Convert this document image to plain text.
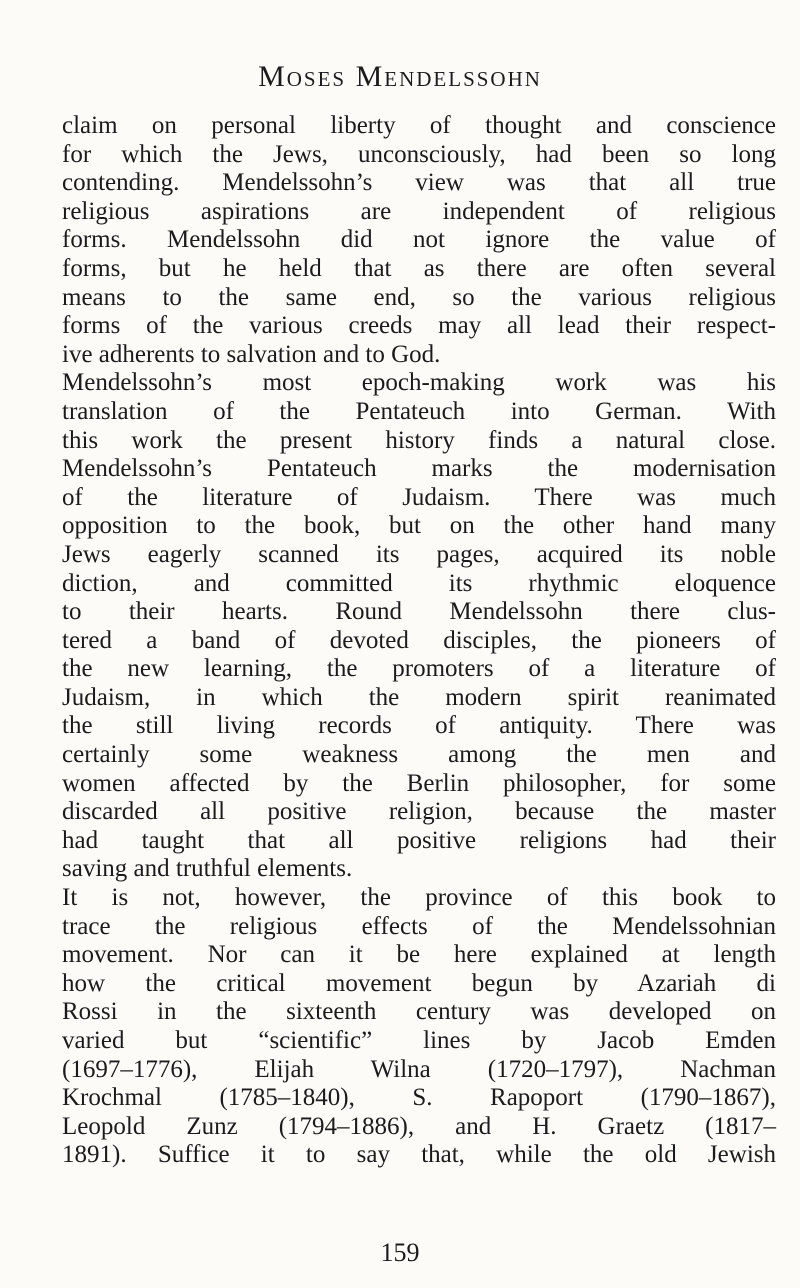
Moses Mendelssohn
claim on personal liberty of thought and conscience
for which the Jews, unconsciously, had been so long
contending. Mendelssohn’s view was that all true
religious aspirations are independent of religious
forms. Mendelssohn did not ignore the value of
forms, but he held that as there are often several
means to the same end, so the various religious
forms of the various creeds may all lead their respect-
ive adherents to salvation and to God.
Mendelssohn’s most epoch-making work was his
translation of the Pentateuch into German. With
this work the present history finds a natural close.
Mendelssohn’s Pentateuch marks the modernisation
of the literature of Judaism. There was much
opposition to the book, but on the other hand many
Jews eagerly scanned its pages, acquired its noble
diction, and committed its rhythmic eloquence
to their hearts. Round Mendelssohn there clus-
tered a band of devoted disciples, the pioneers of
the new learning, the promoters of a literature of
Judaism, in which the modern spirit reanimated
the still living records of antiquity. There was
certainly some weakness among the men and
women affected by the Berlin philosopher, for some
discarded all positive religion, because the master
had taught that all positive religions had their
saving and truthful elements.
It is not, however, the province of this book to
trace the religious effects of the Mendelssohnian
movement. Nor can it be here explained at length
how the critical movement begun by Azariah di
Rossi in the sixteenth century was developed on
varied but “scientific” lines by Jacob Emden
(1697–1776), Elijah Wilna (1720–1797), Nachman
Krochmal (1785–1840), S. Rapoport (1790–1867),
Leopold Zunz (1794–1886), and H. Graetz (1817–
1891). Suffice it to say that, while the old Jewish
159
